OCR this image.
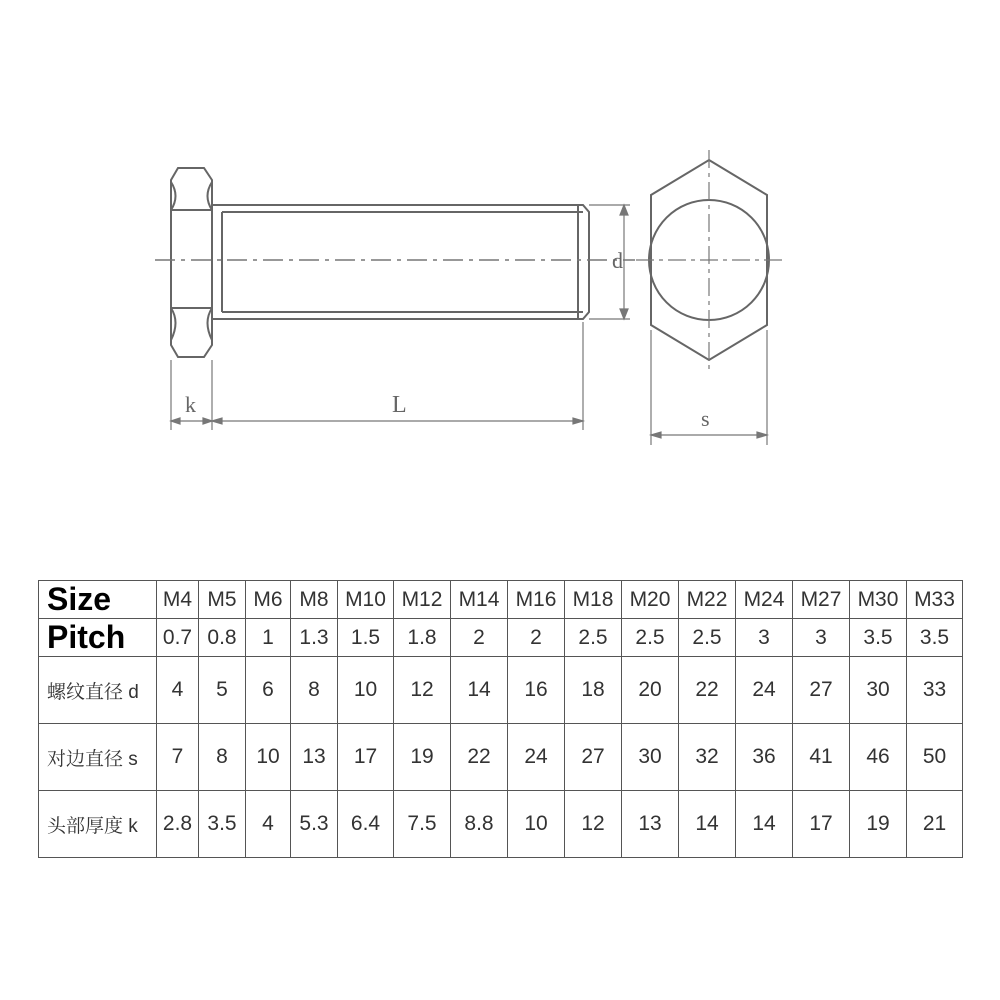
d
k	L
s
Size	M4	M5	M6	M8	M10	M12	M14	M16	M18	M20	M22	M24	M27	M30	M33
Pitch	0.7	0.8	1	1.3	1.5	1.8	2	2	2.5	2.5	2.5	3	3	3.5	3.5
螺纹直径 d	4	5	6	8	10	12	14	16	18	20	22	24	27	30	33
对边直径 s	7	8	10	13	17	19	22	24	27	30	32	36	41	46	50
头部厚度 k	2.8	3.5	4	5.3	6.4	7.5	8.8	10	12	13	14	14	17	19	21
